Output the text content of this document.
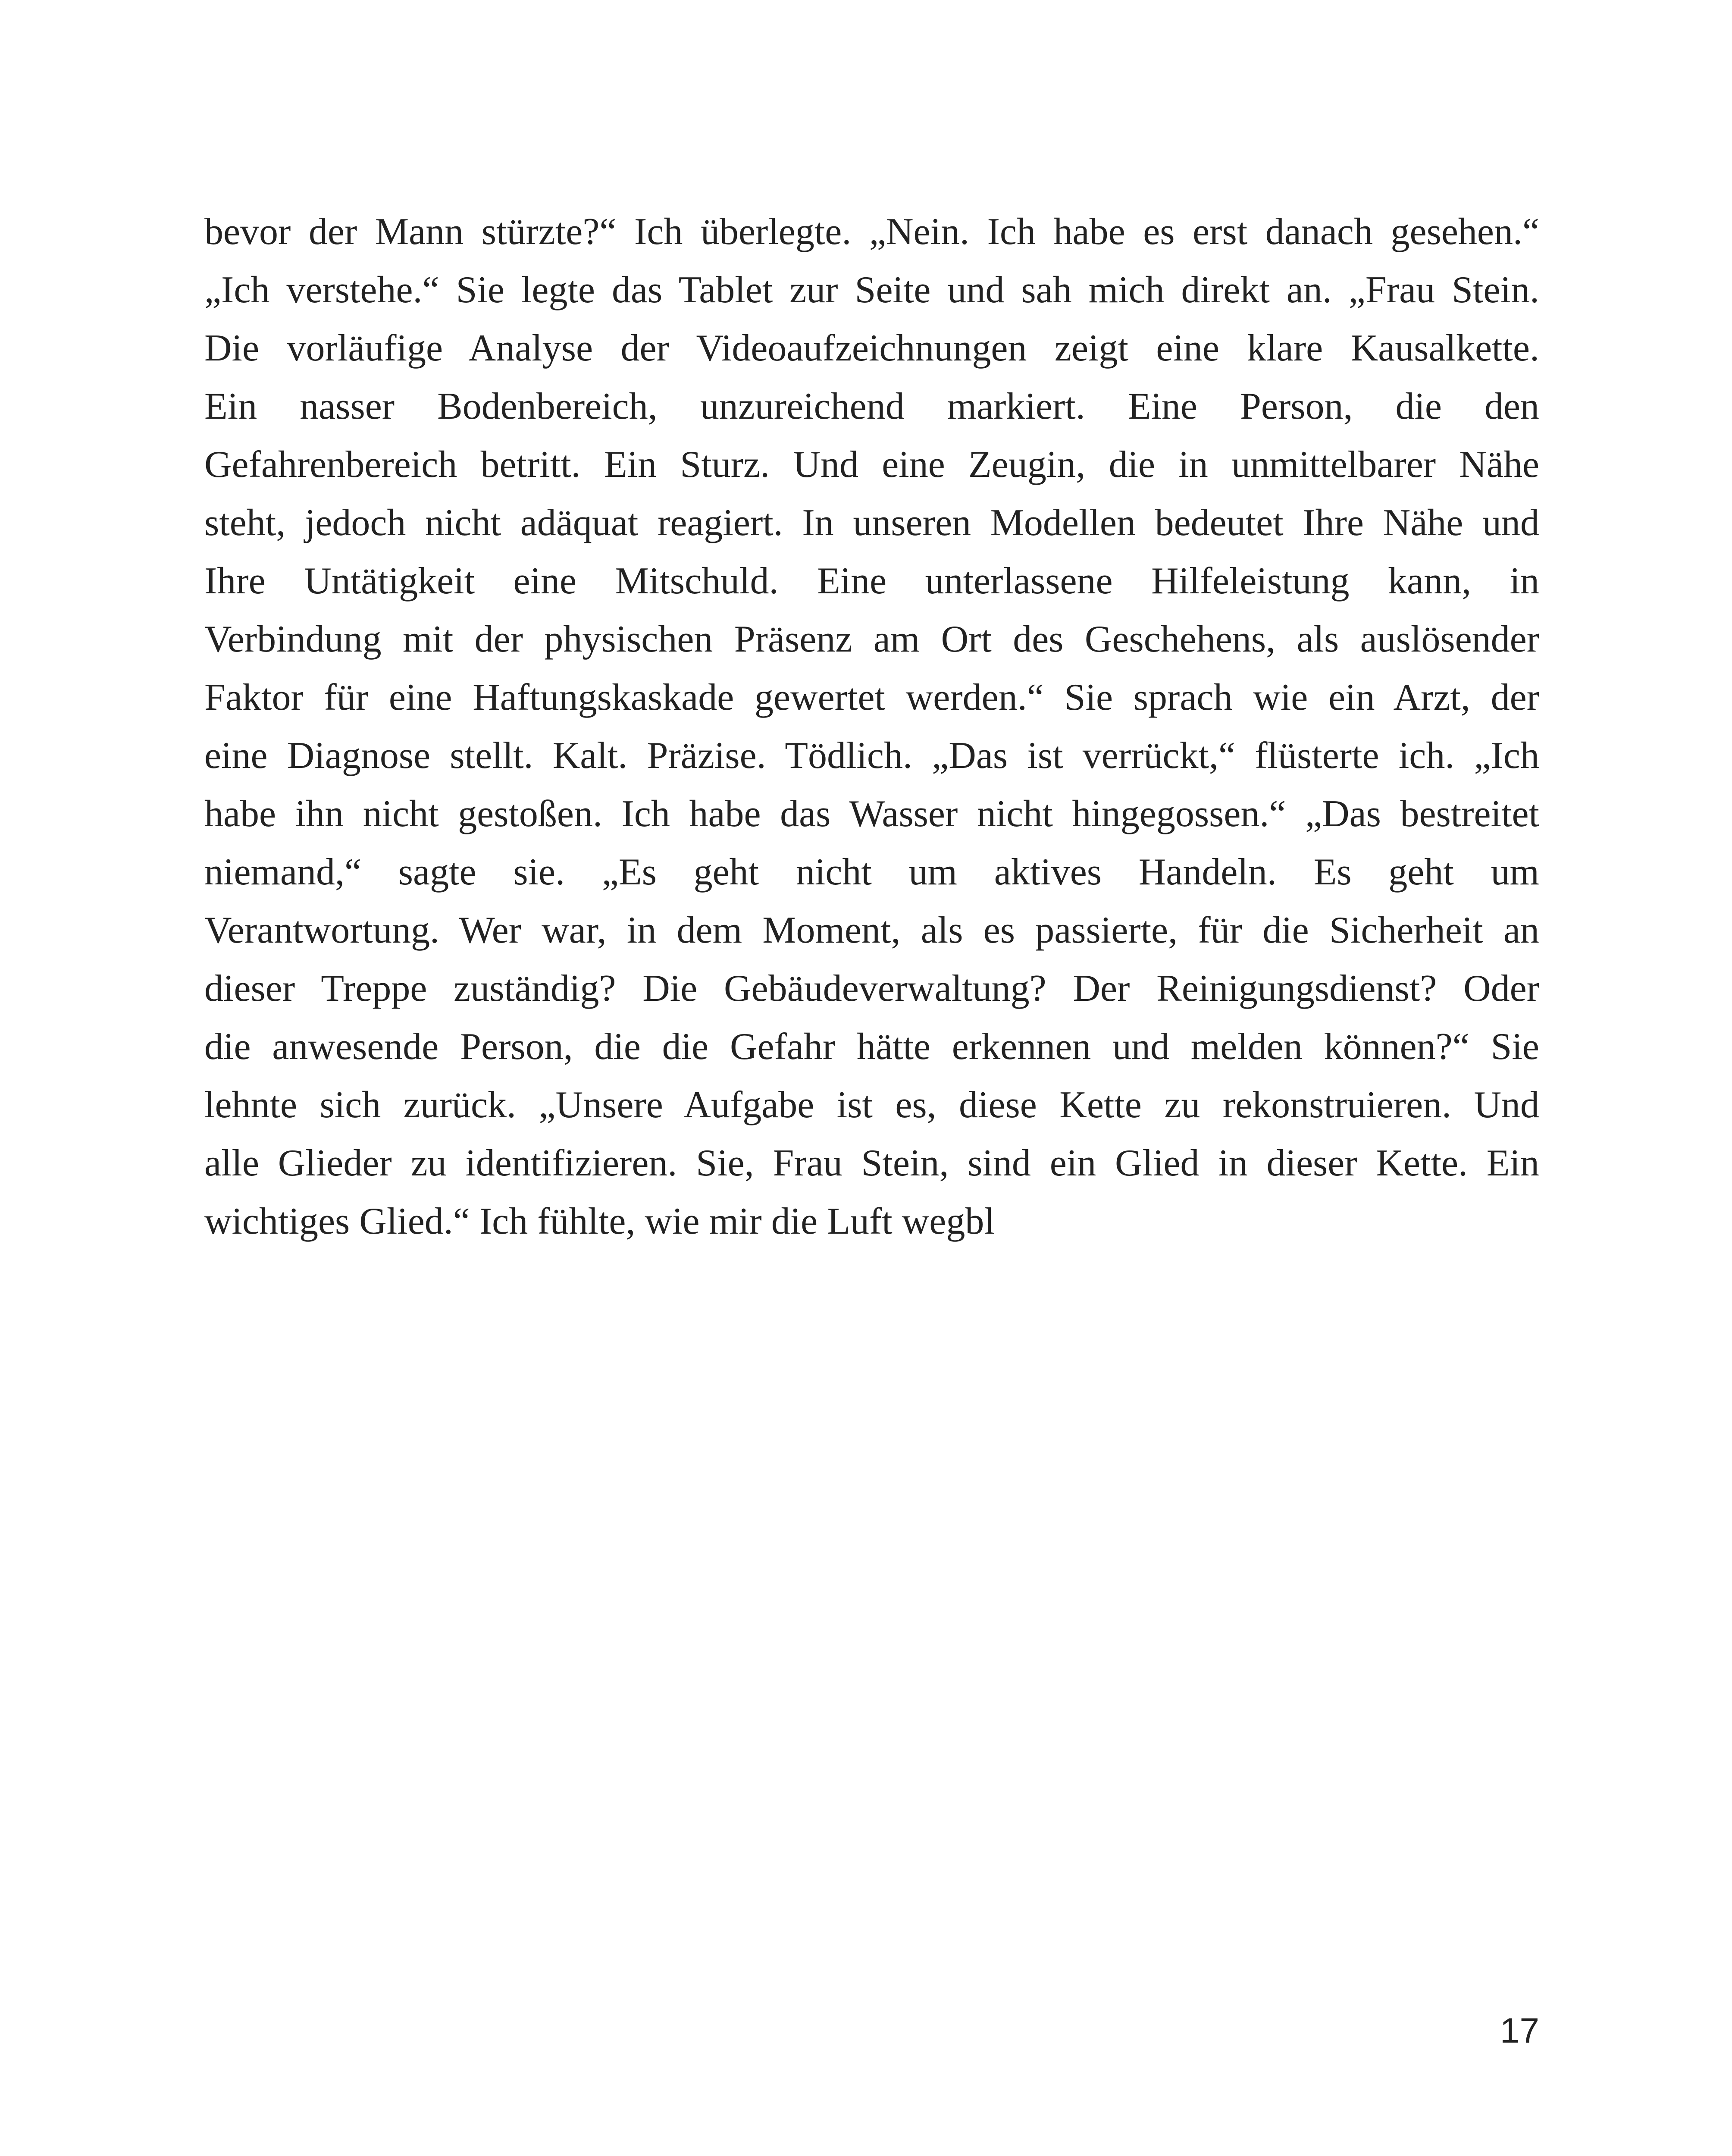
bevor der Mann stürzte?“ Ich überlegte. „Nein. Ich habe es erst danach gesehen.“
„Ich verstehe.“ Sie legte das Tablet zur Seite und sah mich direkt an. „Frau Stein.
Die vorläufige Analyse der Videoaufzeichnungen zeigt eine klare Kausalkette.
Ein nasser Bodenbereich, unzureichend markiert. Eine Person, die den
Gefahrenbereich betritt. Ein Sturz. Und eine Zeugin, die in unmittelbarer Nähe
steht, jedoch nicht adäquat reagiert. In unseren Modellen bedeutet Ihre Nähe und
Ihre Untätigkeit eine Mitschuld. Eine unterlassene Hilfeleistung kann, in
Verbindung mit der physischen Präsenz am Ort des Geschehens, als auslösender
Faktor für eine Haftungskaskade gewertet werden.“ Sie sprach wie ein Arzt, der
eine Diagnose stellt. Kalt. Präzise. Tödlich. „Das ist verrückt,“ flüsterte ich. „Ich
habe ihn nicht gestoßen. Ich habe das Wasser nicht hingegossen.“ „Das bestreitet
niemand,“ sagte sie. „Es geht nicht um aktives Handeln. Es geht um
Verantwortung. Wer war, in dem Moment, als es passierte, für die Sicherheit an
dieser Treppe zuständig? Die Gebäudeverwaltung? Der Reinigungsdienst? Oder
die anwesende Person, die die Gefahr hätte erkennen und melden können?“ Sie
lehnte sich zurück. „Unsere Aufgabe ist es, diese Kette zu rekonstruieren. Und
alle Glieder zu identifizieren. Sie, Frau Stein, sind ein Glied in dieser Kette. Ein
wichtiges Glied.“ Ich fühlte, wie mir die Luft wegbl
17
